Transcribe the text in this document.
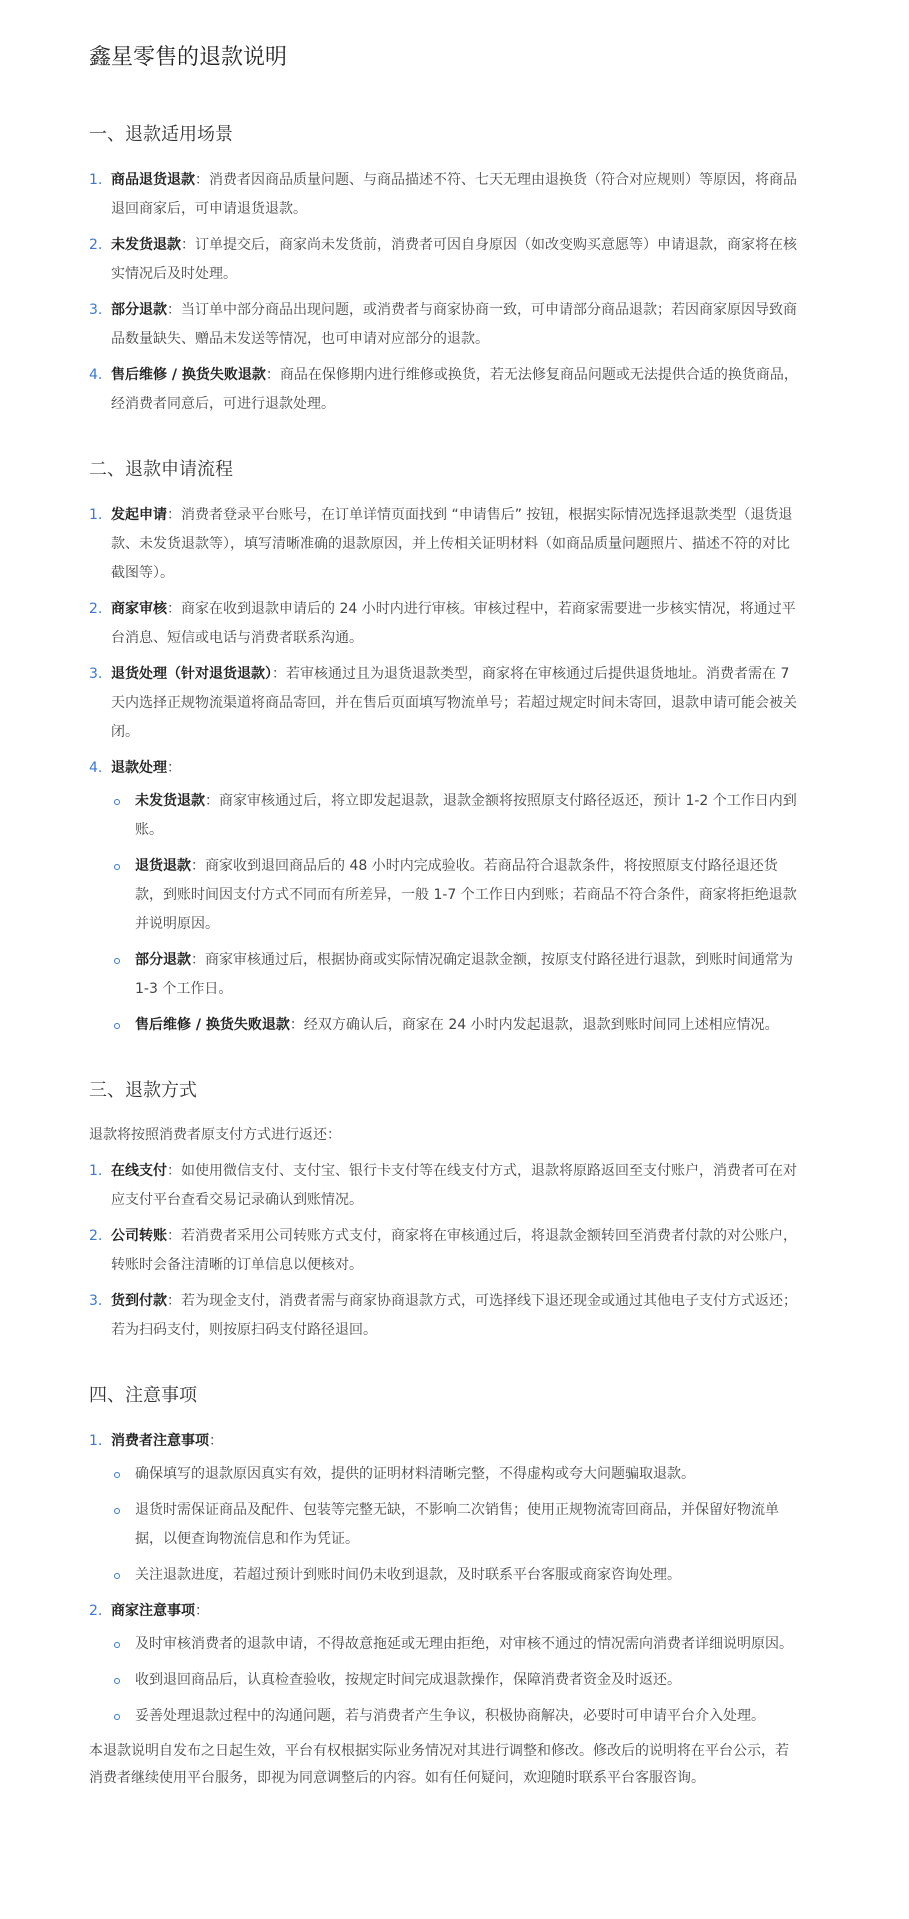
鑫星零售的退款说明
一、退款适用场景
1. 商品退货退款：消费者因商品质量问题、与商品描述不符、七天无理由退换货（符合对应规则）等原因，将商品退回商家后，可申请退货退款。
2. 未发货退款：订单提交后，商家尚未发货前，消费者可因自身原因（如改变购买意愿等）申请退款，商家将在核实情况后及时处理。
3. 部分退款：当订单中部分商品出现问题，或消费者与商家协商一致，可申请部分商品退款；若因商家原因导致商品数量缺失、赠品未发送等情况，也可申请对应部分的退款。
4. 售后维修 / 换货失败退款：商品在保修期内进行维修或换货，若无法修复商品问题或无法提供合适的换货商品，经消费者同意后，可进行退款处理。
二、退款申请流程
1. 发起申请：消费者登录平台账号，在订单详情页面找到 “申请售后” 按钮，根据实际情况选择退款类型（退货退款、未发货退款等），填写清晰准确的退款原因，并上传相关证明材料（如商品质量问题照片、描述不符的对比截图等）。
2. 商家审核：商家在收到退款申请后的 24 小时内进行审核。审核过程中，若商家需要进一步核实情况，将通过平台消息、短信或电话与消费者联系沟通。
3. 退货处理（针对退货退款）：若审核通过且为退货退款类型，商家将在审核通过后提供退货地址。消费者需在 7 天内选择正规物流渠道将商品寄回，并在售后页面填写物流单号；若超过规定时间未寄回，退款申请可能会被关闭。
4. 退款处理：
未发货退款：商家审核通过后，将立即发起退款，退款金额将按照原支付路径返还，预计 1-2 个工作日内到账。
退货退款：商家收到退回商品后的 48 小时内完成验收。若商品符合退款条件，将按照原支付路径退还货款，到账时间因支付方式不同而有所差异，一般 1-7 个工作日内到账；若商品不符合条件，商家将拒绝退款并说明原因。
部分退款：商家审核通过后，根据协商或实际情况确定退款金额，按原支付路径进行退款，到账时间通常为 1-3 个工作日。
售后维修 / 换货失败退款：经双方确认后，商家在 24 小时内发起退款，退款到账时间同上述相应情况。
三、退款方式

退款将按照消费者原支付方式进行返还：

1. 在线支付：如使用微信支付、支付宝、银行卡支付等在线支付方式，退款将原路返回至支付账户，消费者可在对应支付平台查看交易记录确认到账情况。
2. 公司转账：若消费者采用公司转账方式支付，商家将在审核通过后，将退款金额转回至消费者付款的对公账户，转账时会备注清晰的订单信息以便核对。
3. 货到付款：若为现金支付，消费者需与商家协商退款方式，可选择线下退还现金或通过其他电子支付方式返还；若为扫码支付，则按原扫码支付路径退回。
四、注意事项
1. 消费者注意事项：
确保填写的退款原因真实有效，提供的证明材料清晰完整，不得虚构或夸大问题骗取退款。
退货时需保证商品及配件、包装等完整无缺，不影响二次销售；使用正规物流寄回商品，并保留好物流单据，以便查询物流信息和作为凭证。
关注退款进度，若超过预计到账时间仍未收到退款，及时联系平台客服或商家咨询处理。
2. 商家注意事项：
及时审核消费者的退款申请，不得故意拖延或无理由拒绝，对审核不通过的情况需向消费者详细说明原因。
收到退回商品后，认真检查验收，按规定时间完成退款操作，保障消费者资金及时返还。
妥善处理退款过程中的沟通问题，若与消费者产生争议，积极协商解决，必要时可申请平台介入处理。

本退款说明自发布之日起生效，平台有权根据实际业务情况对其进行调整和修改。修改后的说明将在平台公示，若消费者继续使用平台服务，即视为同意调整后的内容。如有任何疑问，欢迎随时联系平台客服咨询。
